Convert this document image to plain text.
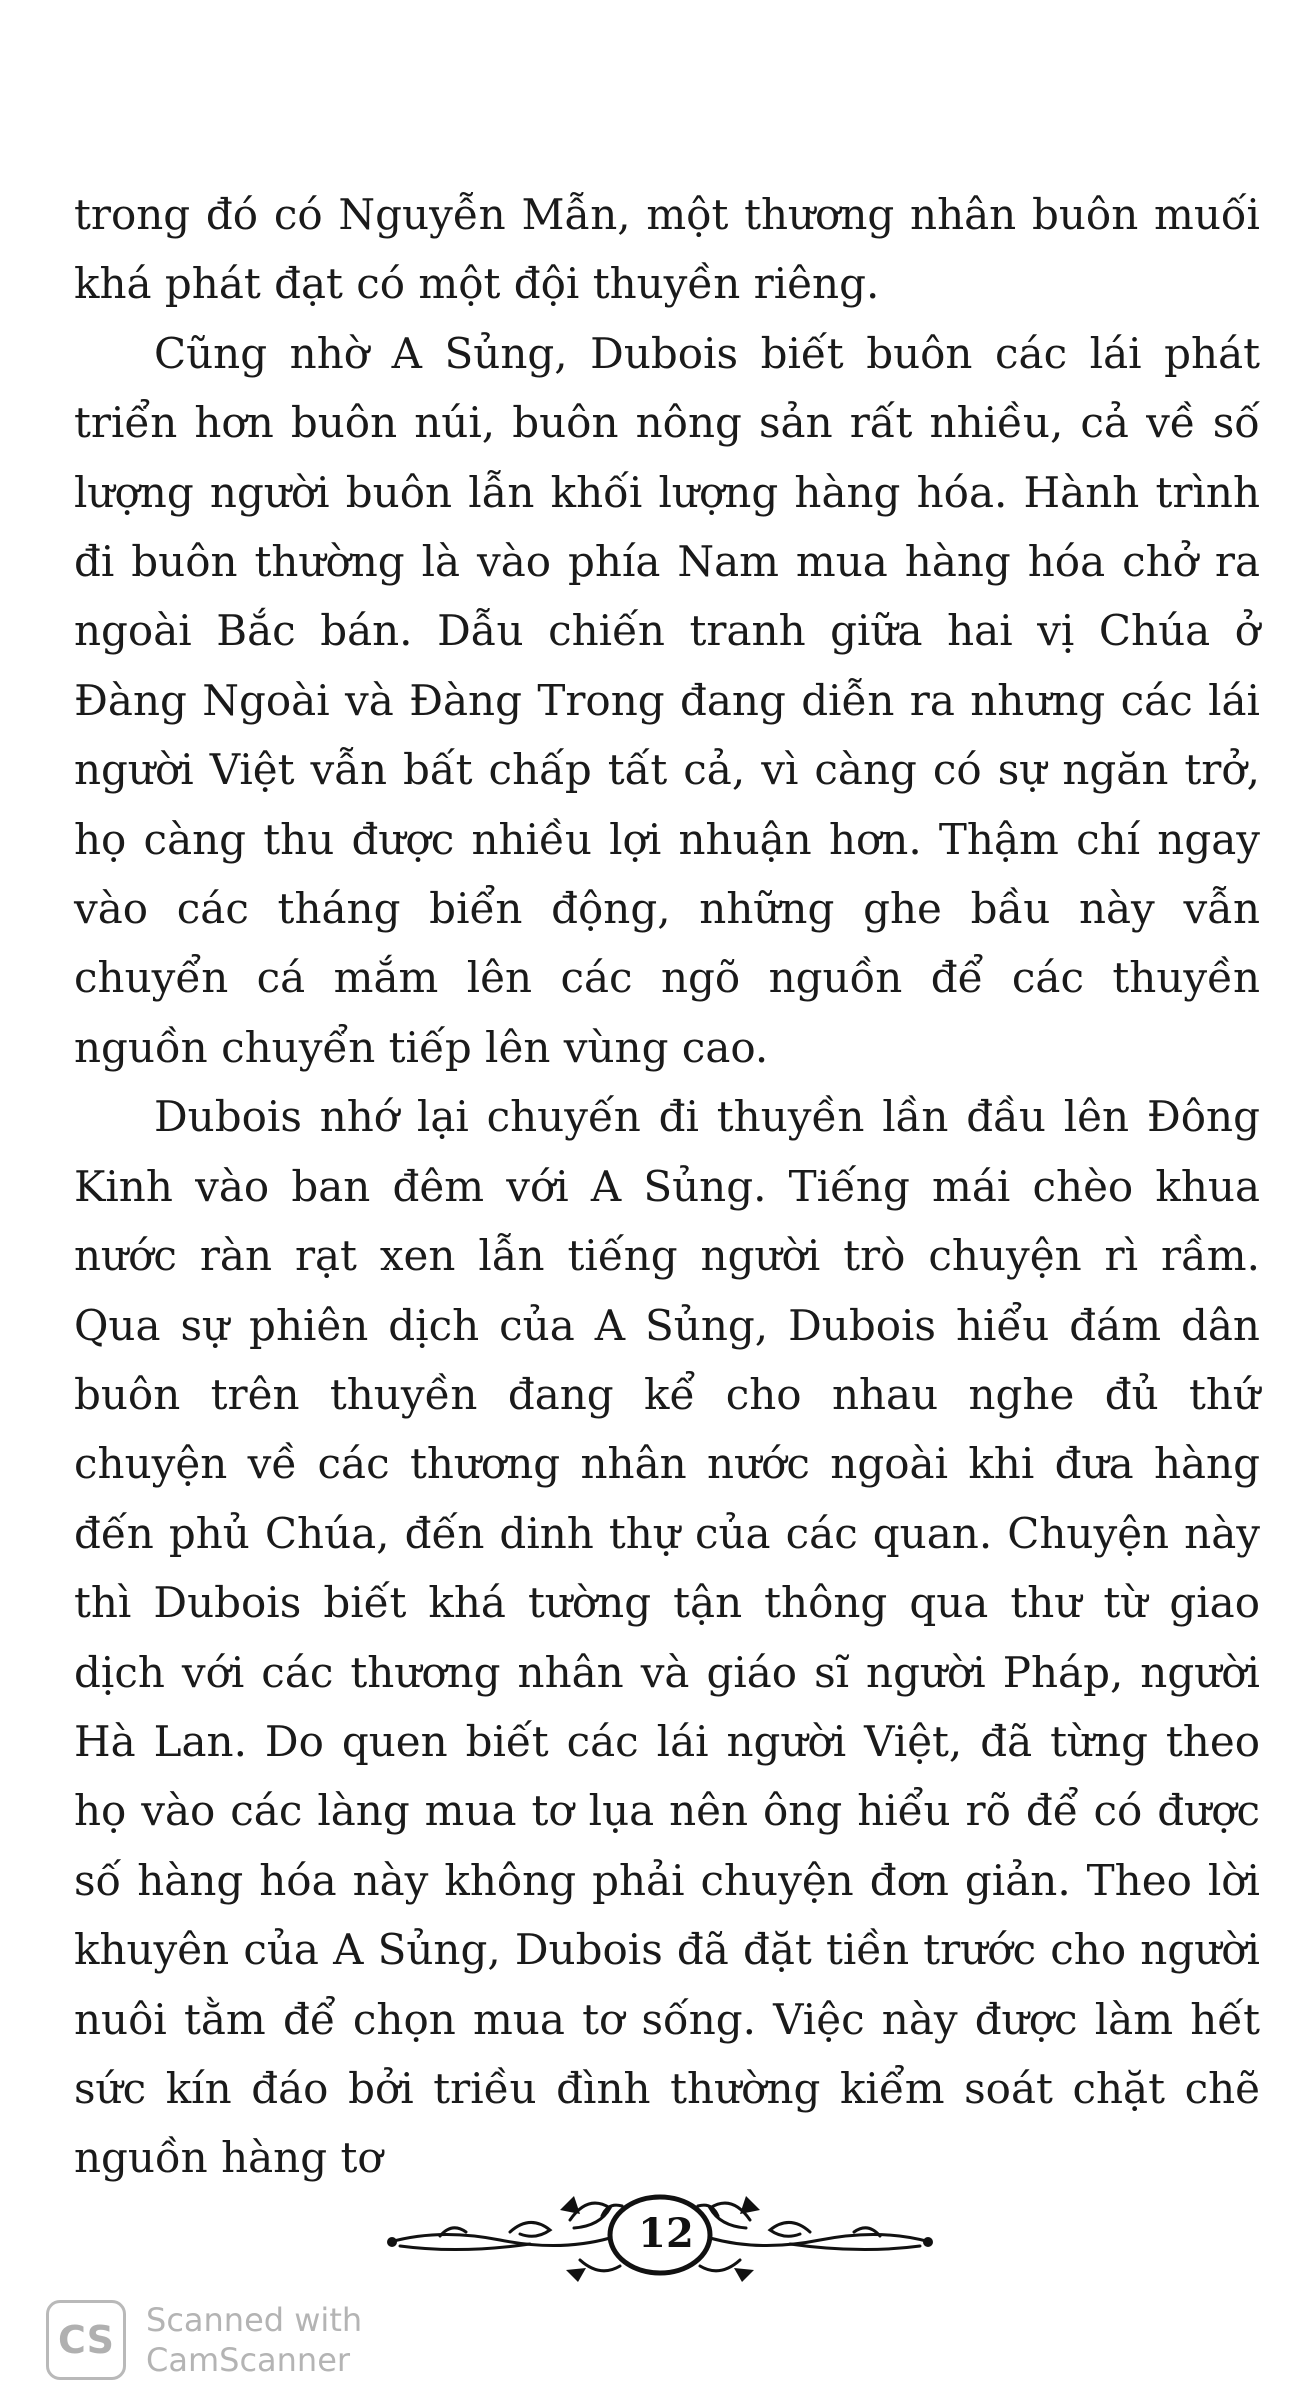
trong đó có Nguyễn Mẫn, một thương nhân buôn muối khá phát đạt có một đội thuyền riêng.

Cũng nhờ A Sủng, Dubois biết buôn các lái phát triển hơn buôn núi, buôn nông sản rất nhiều, cả về số lượng người buôn lẫn khối lượng hàng hóa. Hành trình đi buôn thường là vào phía Nam mua hàng hóa chở ra ngoài Bắc bán. Dẫu chiến tranh giữa hai vị Chúa ở Đàng Ngoài và Đàng Trong đang diễn ra nhưng các lái người Việt vẫn bất chấp tất cả, vì càng có sự ngăn trở, họ càng thu được nhiều lợi nhuận hơn. Thậm chí ngay vào các tháng biển động, những ghe bầu này vẫn chuyển cá mắm lên các ngõ nguồn để các thuyền nguồn chuyển tiếp lên vùng cao.

Dubois nhớ lại chuyến đi thuyền lần đầu lên Đông Kinh vào ban đêm với A Sủng. Tiếng mái chèo khua nước ràn rạt xen lẫn tiếng người trò chuyện rì rầm. Qua sự phiên dịch của A Sủng, Dubois hiểu đám dân buôn trên thuyền đang kể cho nhau nghe đủ thứ chuyện về các thương nhân nước ngoài khi đưa hàng đến phủ Chúa, đến dinh thự của các quan. Chuyện này thì Dubois biết khá tường tận thông qua thư từ giao dịch với các thương nhân và giáo sĩ người Pháp, người Hà Lan. Do quen biết các lái người Việt, đã từng theo họ vào các làng mua tơ lụa nên ông hiểu rõ để có được số hàng hóa này không phải chuyện đơn giản. Theo lời khuyên của A Sủng, Dubois đã đặt tiền trước cho người nuôi tằm để chọn mua tơ sống. Việc này được làm hết sức kín đáo bởi triều đình thường kiểm soát chặt chẽ nguồn hàng tơ

12
CS	Scanned with
CamScanner
